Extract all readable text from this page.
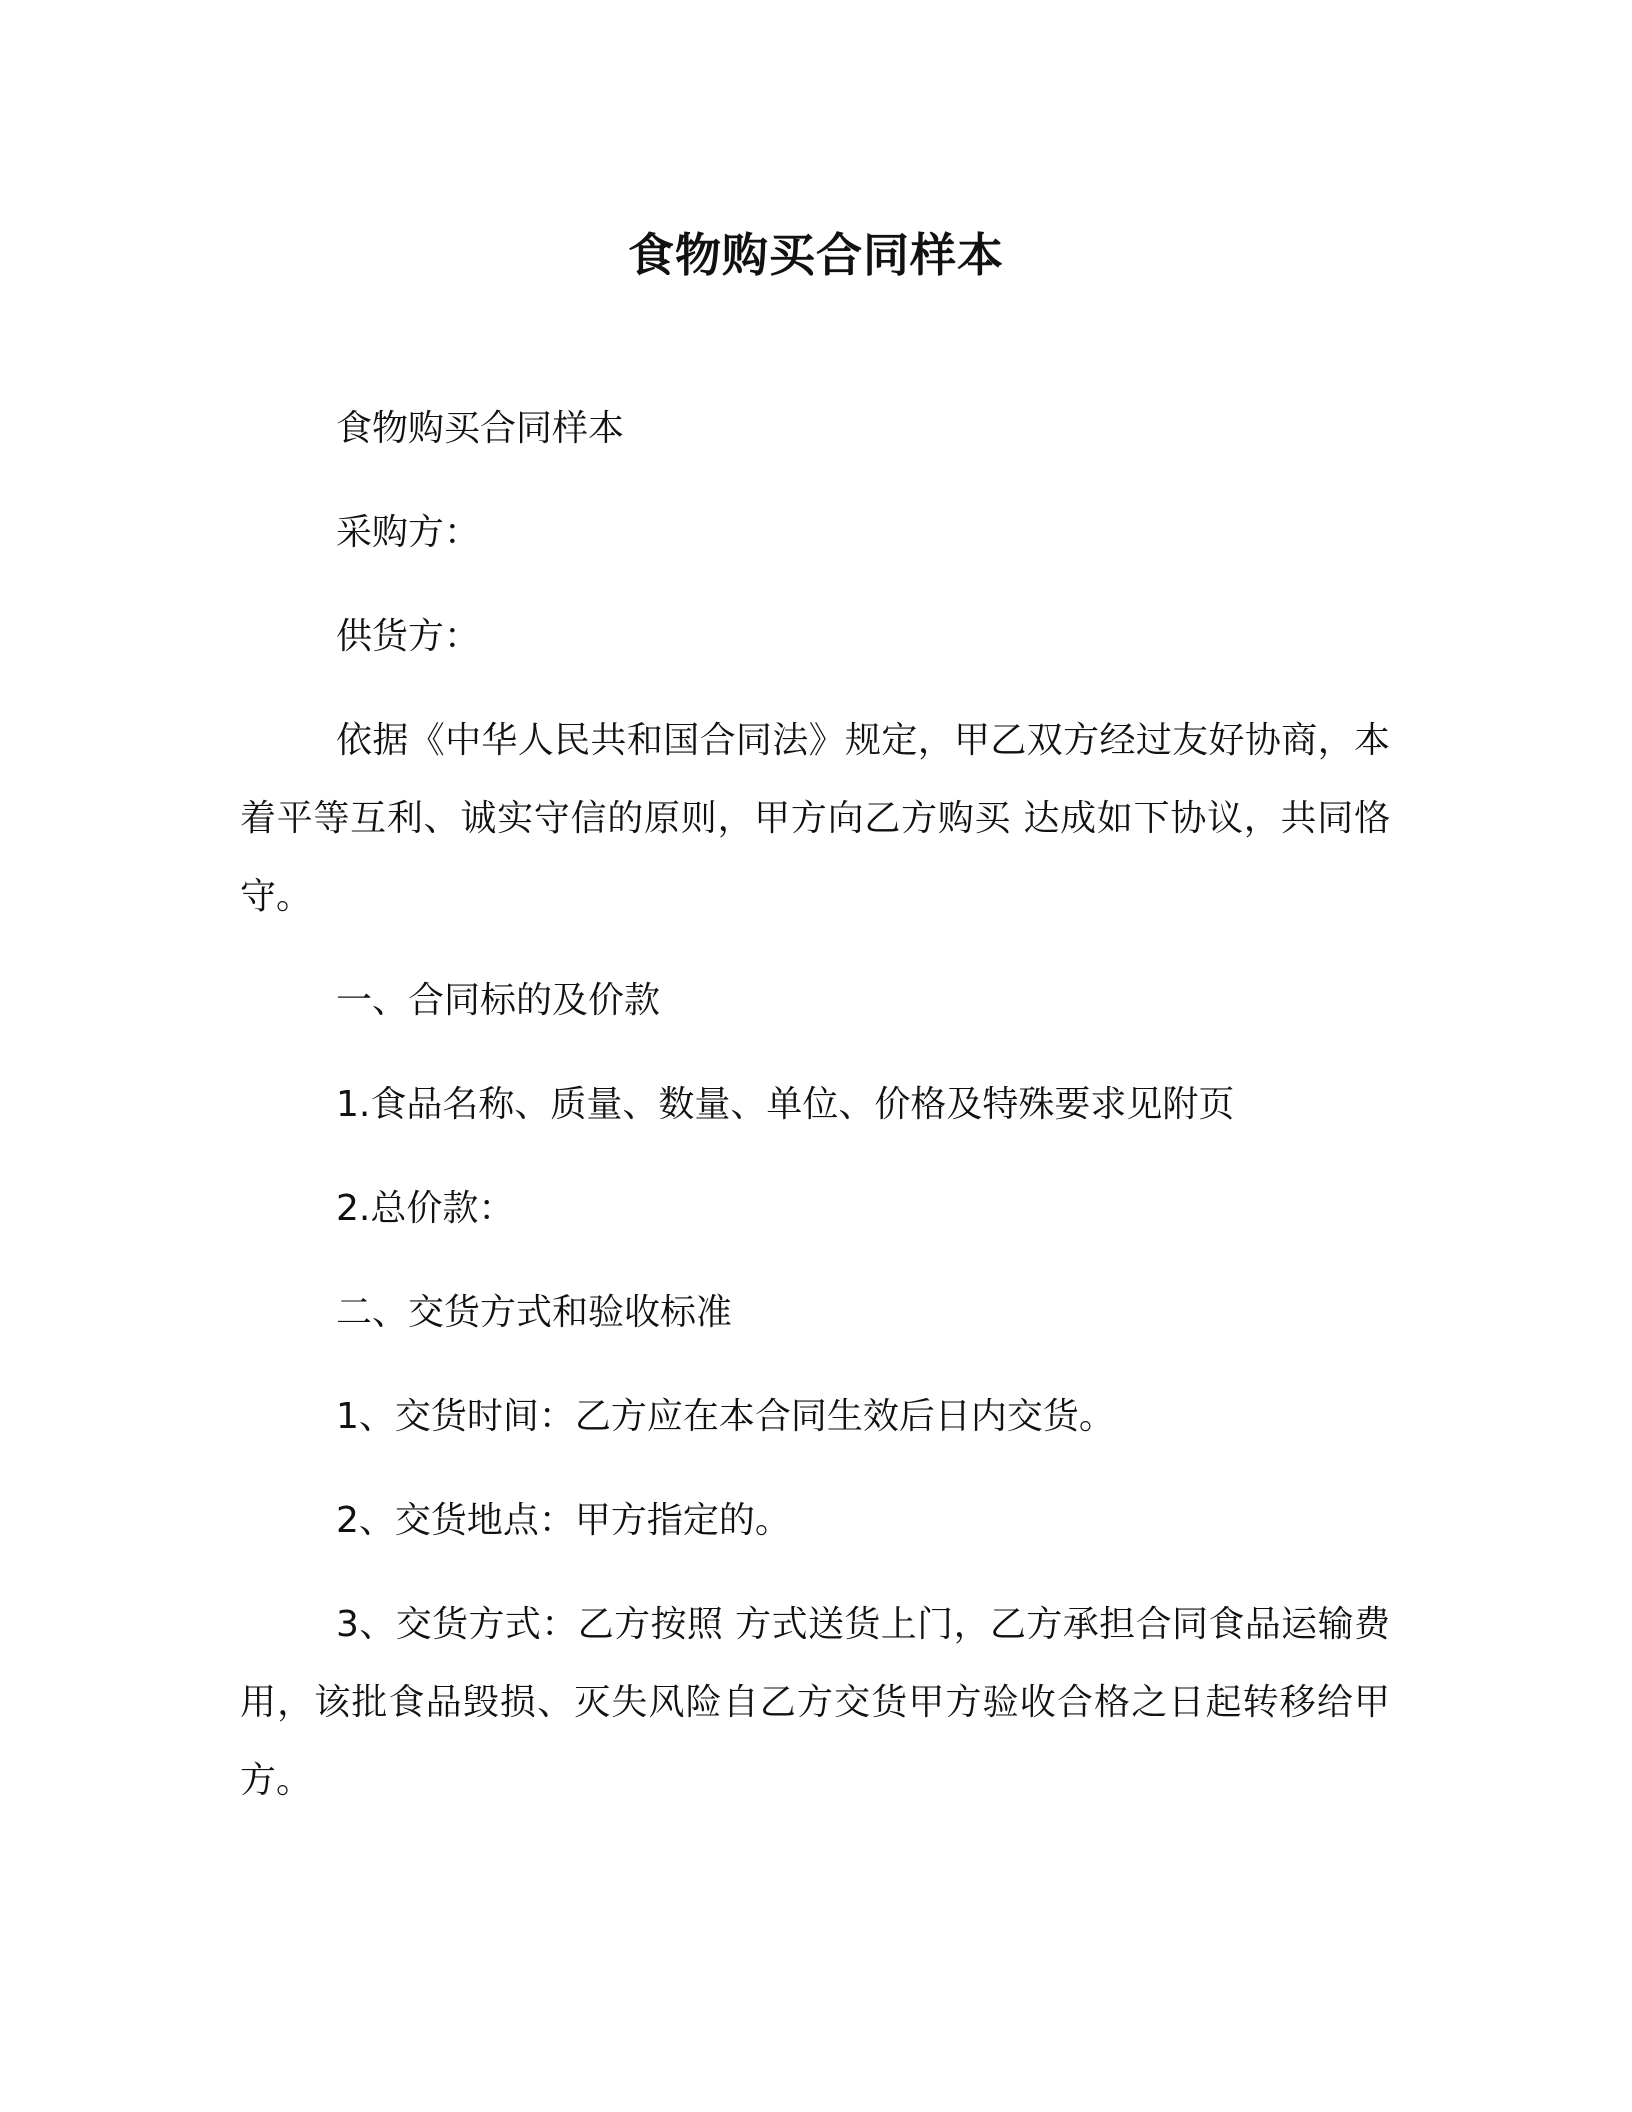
食物购买合同样本

食物购买合同样本

采购方：

供货方：

依据《中华人民共和国合同法》规定，甲乙双方经过友好协商，本着平等互利、诚实守信的原则，甲方向乙方购买 达成如下协议，共同恪守。

一、合同标的及价款

1.食品名称、质量、数量、单位、价格及特殊要求见附页

2.总价款：

二、交货方式和验收标准

1、交货时间：乙方应在本合同生效后日内交货。

2、交货地点：甲方指定的。

3、交货方式：乙方按照 方式送货上门，乙方承担合同食品运输费用，该批食品毁损、灭失风险自乙方交货甲方验收合格之日起转移给甲方。
